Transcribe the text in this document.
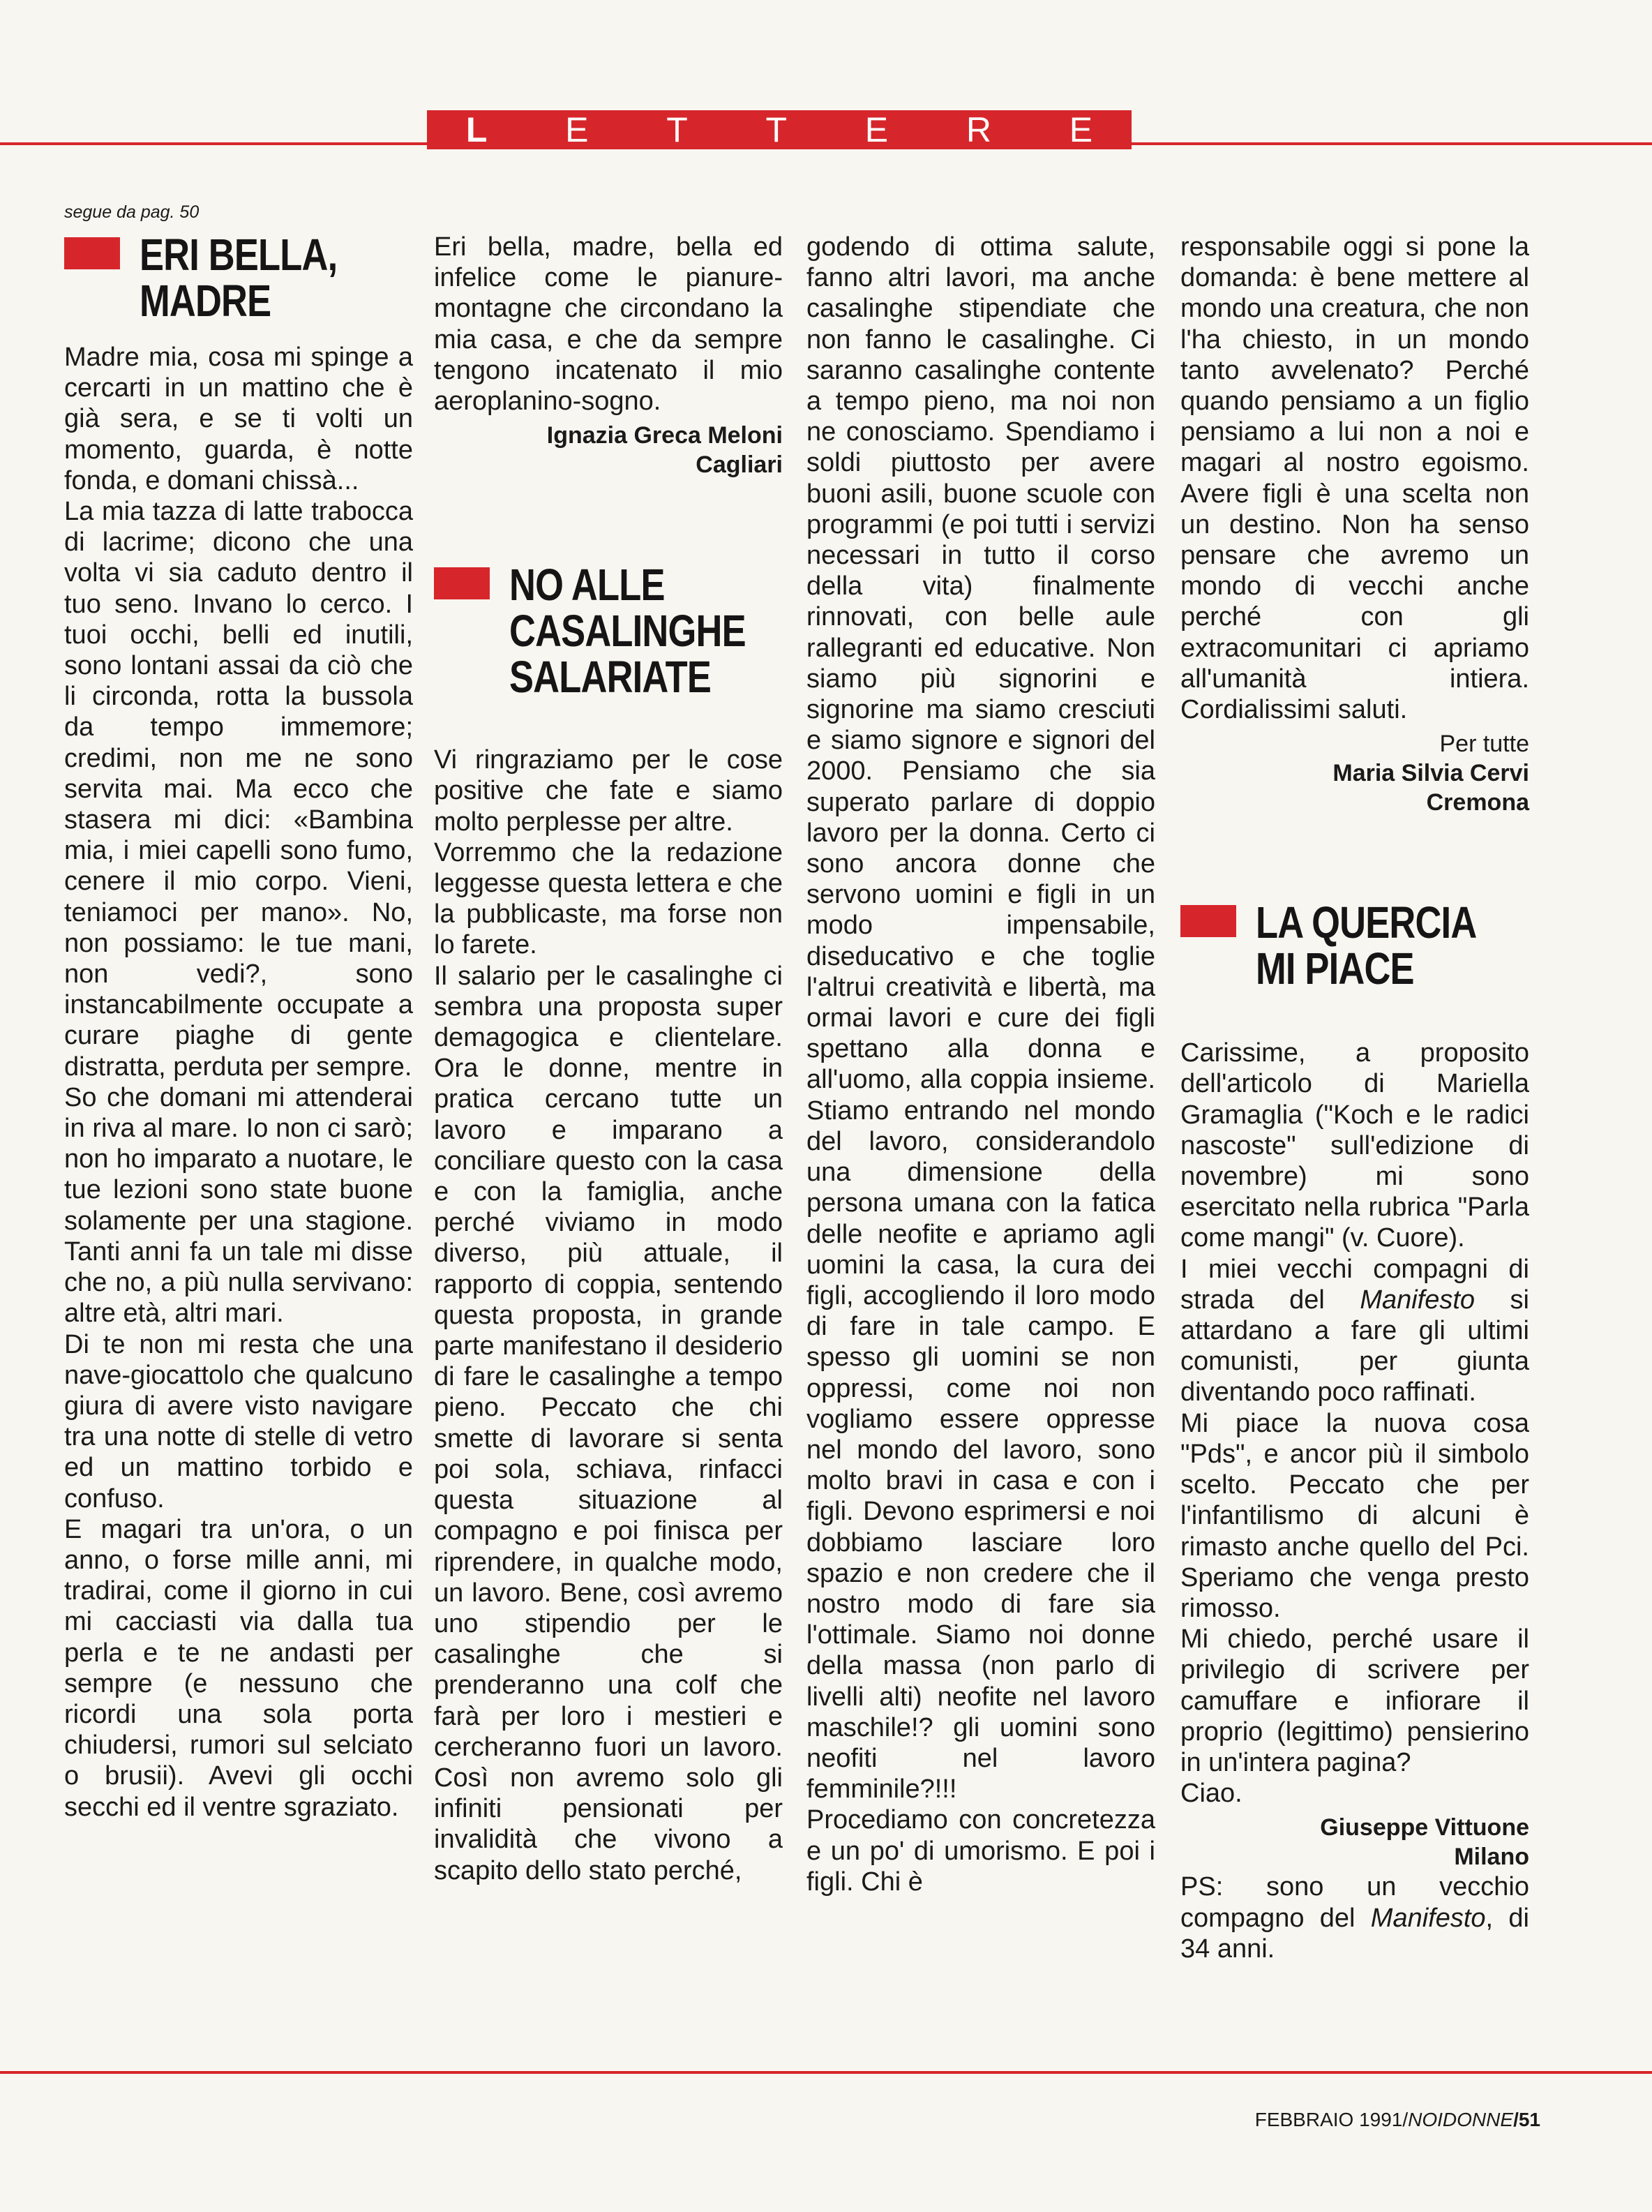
L E T T E R E
segue da pag. 50
ERI BELLA,
MADRE

Madre mia, cosa mi spinge a cercarti in un mattino che è già sera, e se ti volti un momento, guarda, è notte fonda, e domani chissà...

La mia tazza di latte trabocca di lacrime; dicono che una volta vi sia caduto dentro il tuo seno. Invano lo cerco. I tuoi occhi, belli ed inutili, sono lontani assai da ciò che li circonda, rotta la bussola da tempo immemore; credimi, non me ne sono servita mai. Ma ecco che stasera mi dici: «Bambina mia, i miei capelli sono fumo, cenere il mio corpo. Vieni, teniamoci per mano». No, non possiamo: le tue mani, non vedi?, sono instancabilmente occupate a curare piaghe di gente distratta, perduta per sempre.

So che domani mi attenderai in riva al mare. Io non ci sarò; non ho imparato a nuotare, le tue lezioni sono state buone solamente per una stagione. Tanti anni fa un tale mi disse che no, a più nulla servivano: altre età, altri mari.

Di te non mi resta che una nave-giocattolo che qualcuno giura di avere visto navigare tra una notte di stelle di vetro ed un mattino torbido e confuso.

E magari tra un'ora, o un anno, o forse mille anni, mi tradirai, come il giorno in cui mi cacciasti via dalla tua perla e te ne andasti per sempre (e nessuno che ricordi una sola porta chiudersi, rumori sul selciato o brusii). Avevi gli occhi secchi ed il ventre sgraziato.

Eri bella, madre, bella ed infelice come le pianure-montagne che circondano la mia casa, e che da sempre tengono incatenato il mio aeroplanino-sogno.

Ignazia Greca Meloni
Cagliari
NO ALLE
CASALINGHE
SALARIATE

Vi ringraziamo per le cose positive che fate e siamo molto perplesse per altre.

Vorremmo che la redazione leggesse questa lettera e che la pubblicaste, ma forse non lo farete.

Il salario per le casalinghe ci sembra una proposta super demagogica e clientelare. Ora le donne, mentre in pratica cercano tutte un lavoro e imparano a conciliare questo con la casa e con la famiglia, anche perché viviamo in modo diverso, più attuale, il rapporto di coppia, sentendo questa proposta, in grande parte manifestano il desiderio di fare le casalinghe a tempo pieno. Peccato che chi smette di lavorare si senta poi sola, schiava, rinfacci questa situazione al compagno e poi finisca per riprendere, in qualche modo, un lavoro. Bene, così avremo uno stipendio per le casalinghe che si prenderanno una colf che farà per loro i mestieri e cercheranno fuori un lavoro. Così non avremo solo gli infiniti pensionati per invalidità che vivono a scapito dello stato perché,

godendo di ottima salute, fanno altri lavori, ma anche casalinghe stipendiate che non fanno le casalinghe. Ci saranno casalinghe contente a tempo pieno, ma noi non ne conosciamo. Spendiamo i soldi piuttosto per avere buoni asili, buone scuole con programmi (e poi tutti i servizi necessari in tutto il corso della vita) finalmente rinnovati, con belle aule rallegranti ed educative. Non siamo più signorini e signorine ma siamo cresciuti e siamo signore e signori del 2000. Pensiamo che sia superato parlare di doppio lavoro per la donna. Certo ci sono ancora donne che servono uomini e figli in un modo impensabile, diseducativo e che toglie l'altrui creatività e libertà, ma ormai lavori e cure dei figli spettano alla donna e all'uomo, alla coppia insieme. Stiamo entrando nel mondo del lavoro, considerandolo una dimensione della persona umana con la fatica delle neofite e apriamo agli uomini la casa, la cura dei figli, accogliendo il loro modo di fare in tale campo. E spesso gli uomini se non oppressi, come noi non vogliamo essere oppresse nel mondo del lavoro, sono molto bravi in casa e con i figli. Devono esprimersi e noi dobbiamo lasciare loro spazio e non credere che il nostro modo di fare sia l'ottimale. Siamo noi donne della massa (non parlo di livelli alti) neofite nel lavoro maschile!? gli uomini sono neofiti nel lavoro femminile?!!!

Procediamo con concretezza e un po' di umorismo. E poi i figli. Chi è

responsabile oggi si pone la domanda: è bene mettere al mondo una creatura, che non l'ha chiesto, in un mondo tanto avvelenato? Perché quando pensiamo a un figlio pensiamo a lui non a noi e magari al nostro egoismo. Avere figli è una scelta non un destino. Non ha senso pensare che avremo un mondo di vecchi anche perché con gli extracomunitari ci apriamo all'umanità intiera. Cordialissimi saluti.

Per tutte
Maria Silvia Cervi
Cremona
LA QUERCIA
MI PIACE

Carissime, a proposito dell'articolo di Mariella Gramaglia ("Koch e le radici nascoste" sull'edizione di novembre) mi sono esercitato nella rubrica "Parla come mangi" (v. Cuore).

I miei vecchi compagni di strada del Manifesto si attardano a fare gli ultimi comunisti, per giunta diventando poco raffinati.

Mi piace la nuova cosa "Pds", e ancor più il simbolo scelto. Peccato che per l'infantilismo di alcuni è rimasto anche quello del Pci. Speriamo che venga presto rimosso.

Mi chiedo, perché usare il privilegio di scrivere per camuffare e infiorare il proprio (legittimo) pensierino in un'intera pagina?

Ciao.

Giuseppe Vittuone
Milano

PS: sono un vecchio compagno del Manifesto, di 34 anni.

FEBBRAIO 1991/NOIDONNE/51
